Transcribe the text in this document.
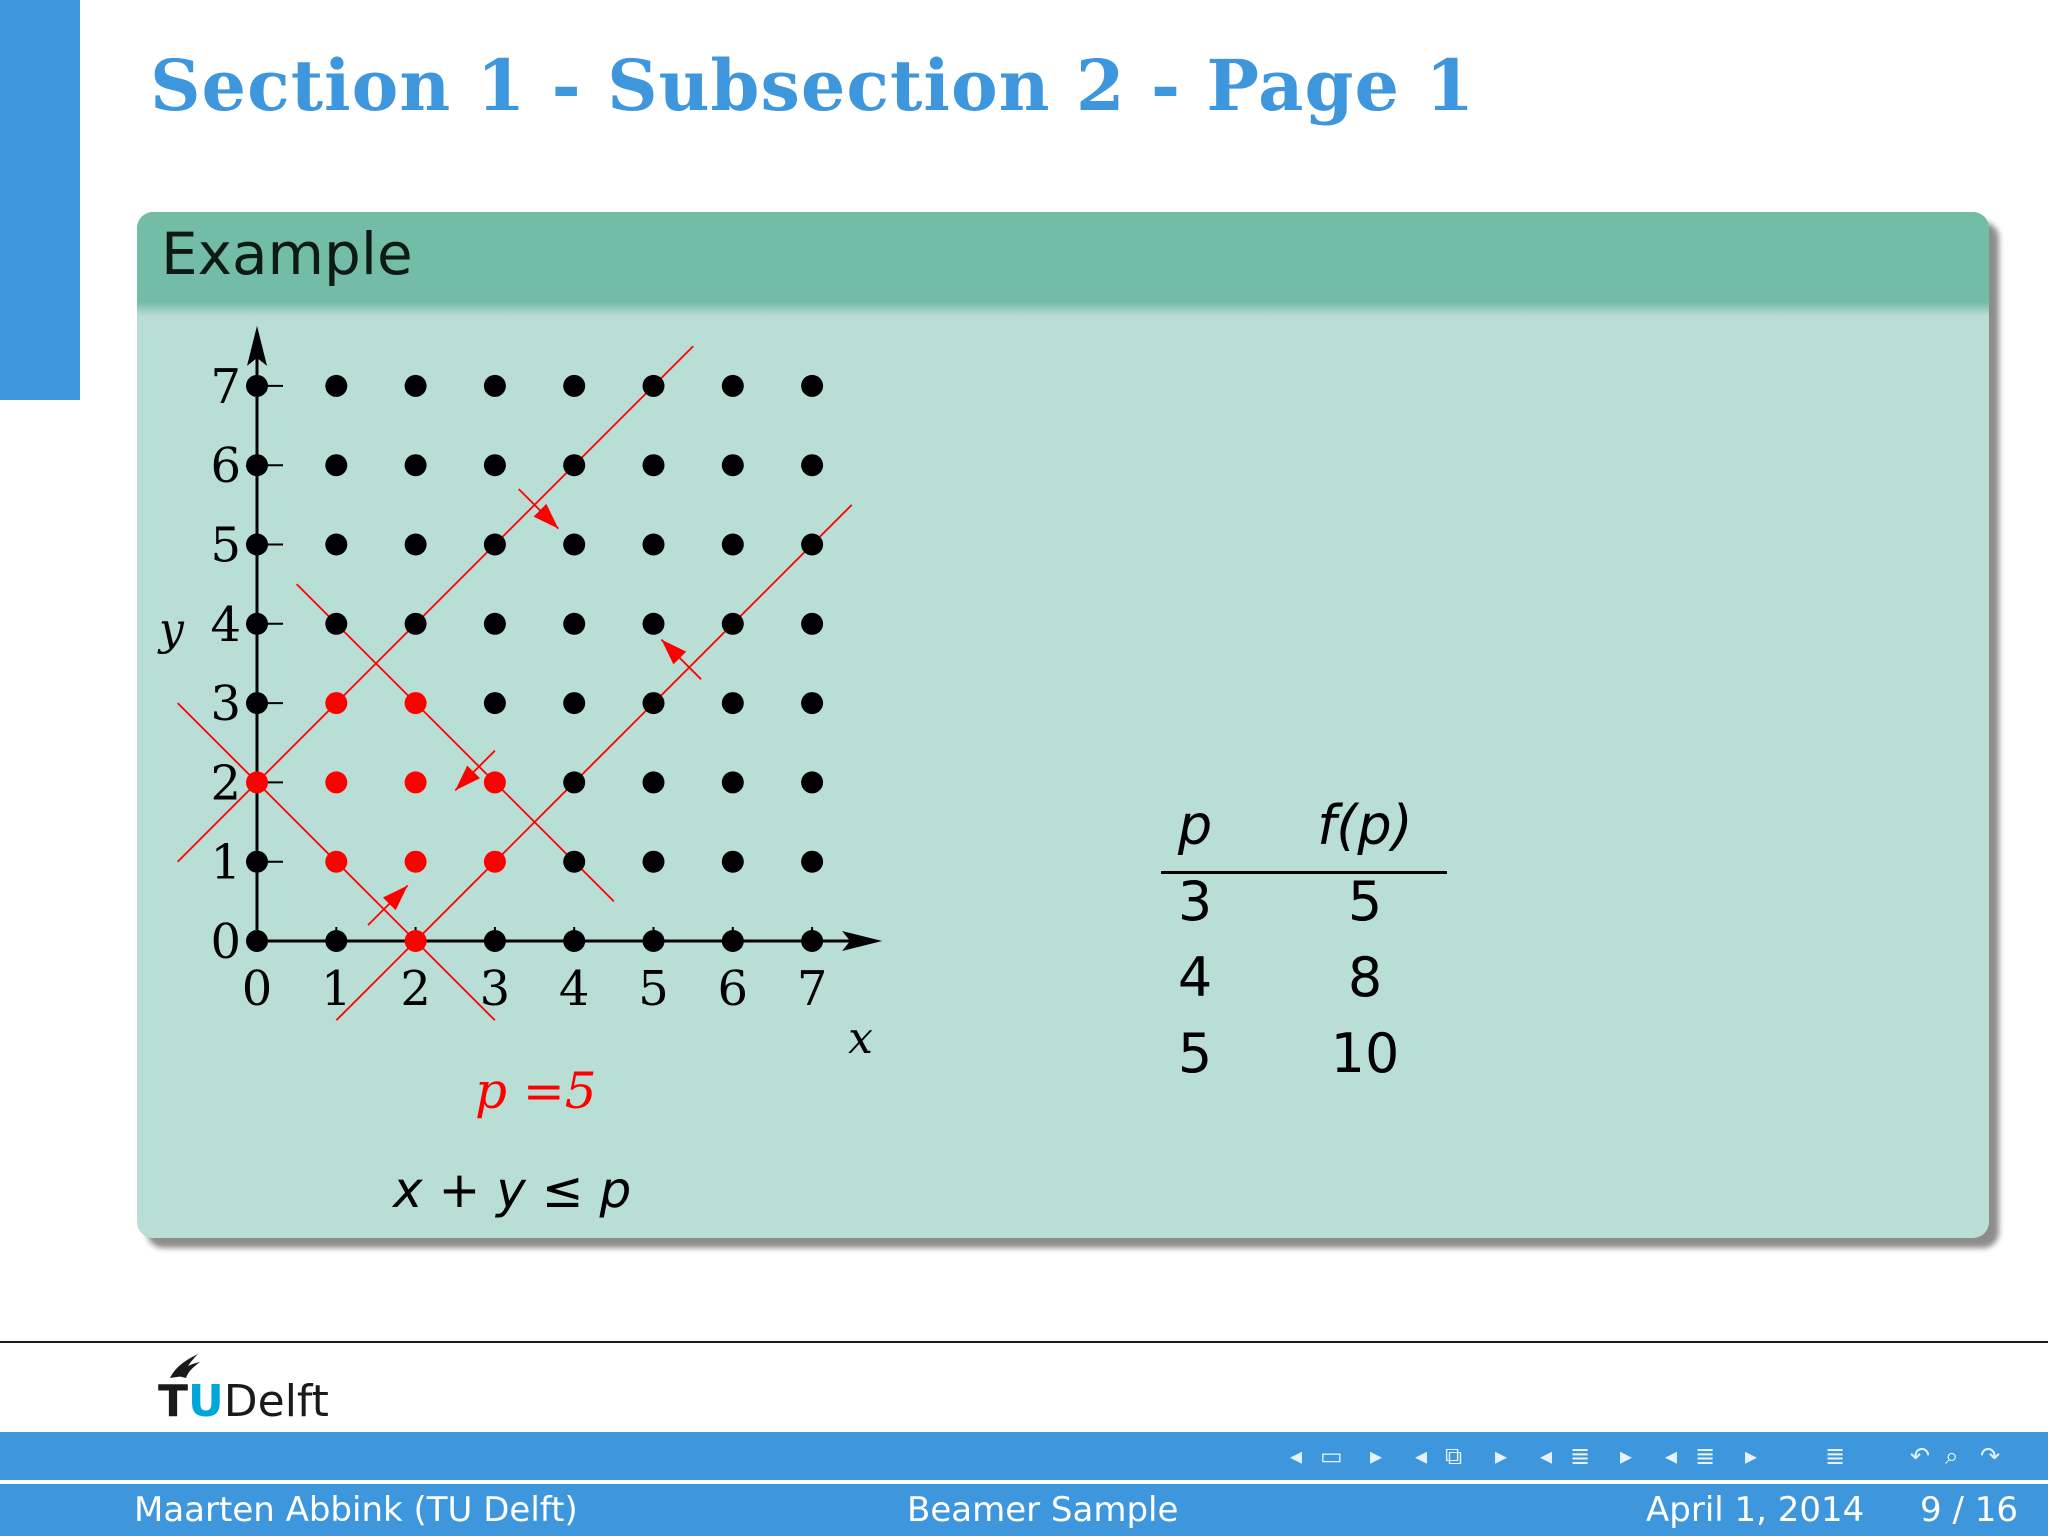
Section 1 - Subsection 2 - Page 1
Example
0 1 2 3 4 5 6 7
0
1
2
3
4
5
6
7
x
y
p =5
x + y ≤ p
p	f(p)
3	5
4	8
5	10
TUDelft
◂ ▭ ▸ ◂ ⧉ ▸ ◂ ≣ ▸ ◂ ≣ ▸	≣	↶ ⌕ ↷
Maarten Abbink (TU Delft)	Beamer Sample	April 1, 2014 9 / 16
